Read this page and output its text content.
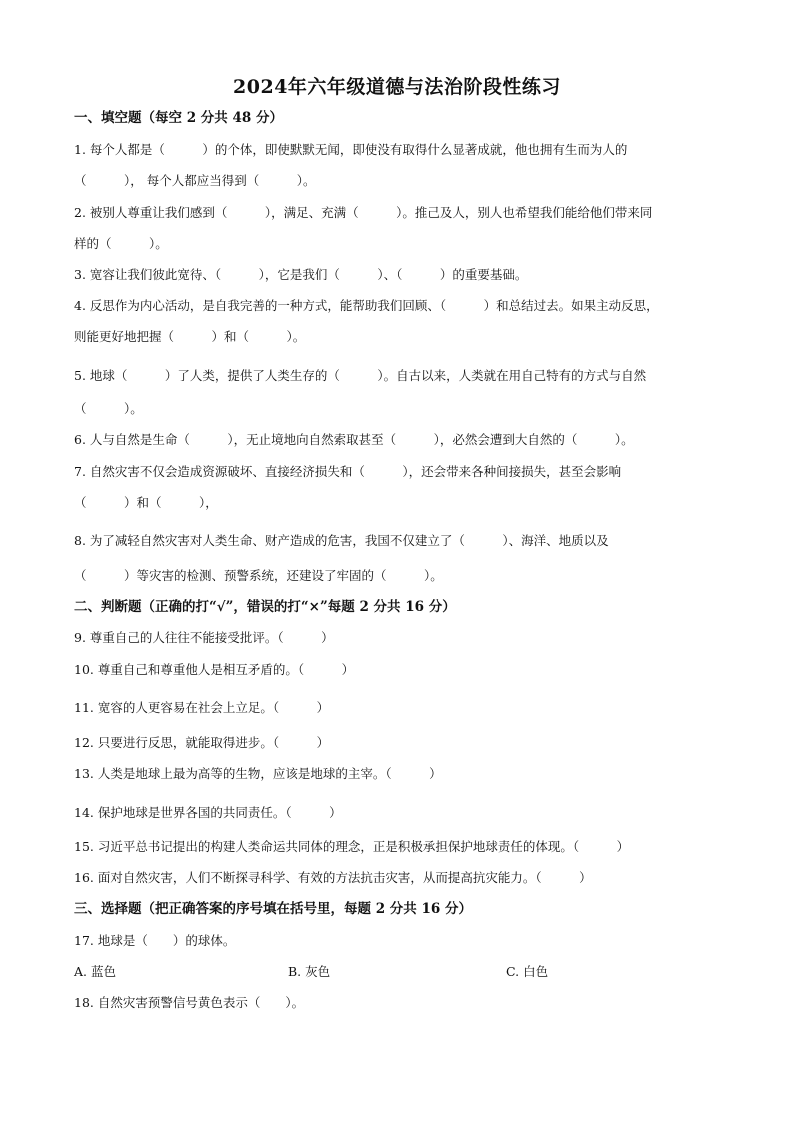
2024年六年级道德与法治阶段性练习
一、填空题（每空 2 分共 48 分）
1. 每个人都是（　　　）的个体，即使默默无闻，即使没有取得什么显著成就，他也拥有生而为人的
（　　　）， 每个人都应当得到（　　　）。
2. 被别人尊重让我们感到（　　　），满足、充满（　　　）。推己及人，别人也希望我们能给他们带来同
样的（　　　）。
3. 宽容让我们彼此宽待、（　　　），它是我们（　　　）、（　　　）的重要基础。
4. 反思作为内心活动，是自我完善的一种方式，能帮助我们回顾、（　　　）和总结过去。如果主动反思，
则能更好地把握（　　　）和（　　　）。
5. 地球（　　　）了人类，提供了人类生存的（　　　）。自古以来，人类就在用自己特有的方式与自然
（　　　）。
6. 人与自然是生命（　　　），无止境地向自然索取甚至（　　　），必然会遭到大自然的（　　　）。
7. 自然灾害不仅会造成资源破坏、直接经济损失和（　　　），还会带来各种间接损失，甚至会影响
（　　　）和（　　　），
8. 为了减轻自然灾害对人类生命、财产造成的危害，我国不仅建立了（　　　）、海洋、地质以及
（　　　）等灾害的检测、预警系统，还建设了牢固的（　　　）。
二、判断题（正确的打“√”，错误的打“×”每题 2 分共 16 分）
9. 尊重自己的人往往不能接受批评。（　　　）
10. 尊重自己和尊重他人是相互矛盾的。（　　　）
11. 宽容的人更容易在社会上立足。（　　　）
12. 只要进行反思，就能取得进步。（　　　）
13. 人类是地球上最为高等的生物，应该是地球的主宰。（　　　）
14. 保护地球是世界各国的共同责任。（　　　）
15. 习近平总书记提出的构建人类命运共同体的理念，正是积极承担保护地球责任的体现。（　　　）
16. 面对自然灾害，人们不断探寻科学、有效的方法抗击灾害，从而提高抗灾能力。（　　　）
三、选择题（把正确答案的序号填在括号里，每题 2 分共 16 分）
17. 地球是（　　）的球体。
A. 蓝色	B. 灰色	C. 白色
18. 自然灾害预警信号黄色表示（　　）。
